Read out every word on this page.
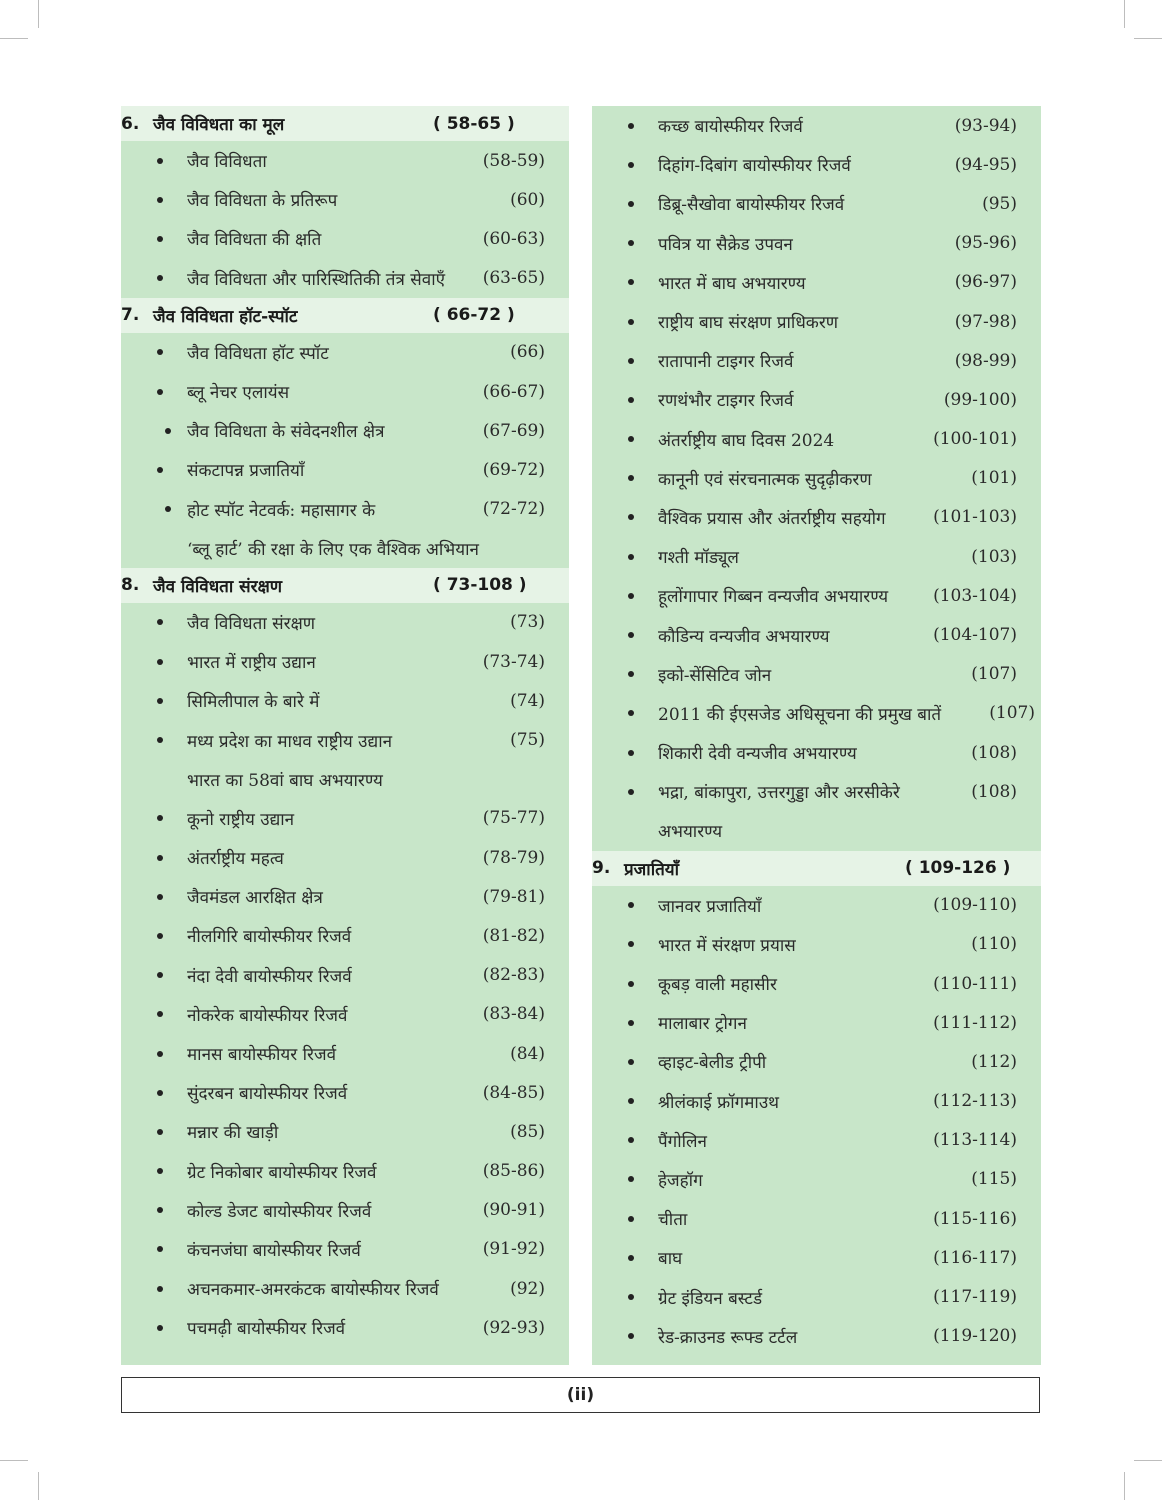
6. जैव विविधता का मूल	( 58-65 )
जैव विविधता	(58-59)
जैव विविधता के प्रतिरूप	(60)
जैव विविधता की क्षति	(60-63)
जैव विविधता और पारिस्थितिकी तंत्र सेवाएँ (63-65)
7. जैव विविधता हॉट-स्पॉट	( 66-72 )
जैव विविधता हॉट स्पॉट	(66)
ब्लू नेचर एलायंस	(66-67)
जैव विविधता के संवेदनशील क्षेत्र	(67-69)
संकटापन्न प्रजातियाँ	(69-72)
होट स्पॉट नेटवर्क: महासागर के	(72-72)
‘ब्लू हार्ट’ की रक्षा के लिए एक वैश्विक अभियान
8. जैव विविधता संरक्षण	( 73-108 )
जैव विविधता संरक्षण	(73)
भारत में राष्ट्रीय उद्यान	(73-74)
सिमिलीपाल के बारे में	(74)
मध्य प्रदेश का माधव राष्ट्रीय उद्यान	(75)
भारत का 58वां बाघ अभयारण्य
कूनो राष्ट्रीय उद्यान	(75-77)
अंतर्राष्ट्रीय महत्व	(78-79)
जैवमंडल आरक्षित क्षेत्र	(79-81)
नीलगिरि बायोस्फीयर रिजर्व	(81-82)
नंदा देवी बायोस्फीयर रिजर्व	(82-83)
नोकरेक बायोस्फीयर रिजर्व	(83-84)
मानस बायोस्फीयर रिजर्व	(84)
सुंदरबन बायोस्फीयर रिजर्व	(84-85)
मन्नार की खाड़ी	(85)
ग्रेट निकोबार बायोस्फीयर रिजर्व	(85-86)
कोल्ड डेजट बायोस्फीयर रिजर्व	(90-91)
कंचनजंघा बायोस्फीयर रिजर्व	(91-92)
अचनकमार-अमरकंटक बायोस्फीयर रिजर्व	(92)
पचमढ़ी बायोस्फीयर रिजर्व	(92-93)
कच्छ बायोस्फीयर रिजर्व	(93-94)
दिहांग-दिबांग बायोस्फीयर रिजर्व	(94-95)
डिब्रू-सैखोवा बायोस्फीयर रिजर्व	(95)
पवित्र या सैक्रेड उपवन	(95-96)
भारत में बाघ अभयारण्य	(96-97)
राष्ट्रीय बाघ संरक्षण प्राधिकरण	(97-98)
रातापानी टाइगर रिजर्व	(98-99)
रणथंभौर टाइगर रिजर्व	(99-100)
अंतर्राष्ट्रीय बाघ दिवस 2024	(100-101)
कानूनी एवं संरचनात्मक सुदृढ़ीकरण	(101)
वैश्विक प्रयास और अंतर्राष्ट्रीय सहयोग	(101-103)
गश्ती मॉड्यूल	(103)
हूलोंगापार गिब्बन वन्यजीव अभयारण्य	(103-104)
कौडिन्य वन्यजीव अभयारण्य	(104-107)
इको-सेंसिटिव जोन	(107)
2011 की ईएसजेड अधिसूचना की प्रमुख बातें	(107)
शिकारी देवी वन्यजीव अभयारण्य	(108)
भद्रा, बांकापुरा, उत्तरगुड्डा और अरसीकेरे	(108)
अभयारण्य
9. प्रजातियाँ	( 109-126 )
जानवर प्रजातियाँ	(109-110)
भारत में संरक्षण प्रयास	(110)
कूबड़ वाली महासीर	(110-111)
मालाबार ट्रोगन	(111-112)
व्हाइट-बेलीड ट्रीपी	(112)
श्रीलंकाई फ्रॉगमाउथ	(112-113)
पैंगोलिन	(113-114)
हेजहॉग	(115)
चीता	(115-116)
बाघ	(116-117)
ग्रेट इंडियन बस्टर्ड	(117-119)
रेड-क्राउनड रूफ्ड टर्टल	(119-120)
(ii)
